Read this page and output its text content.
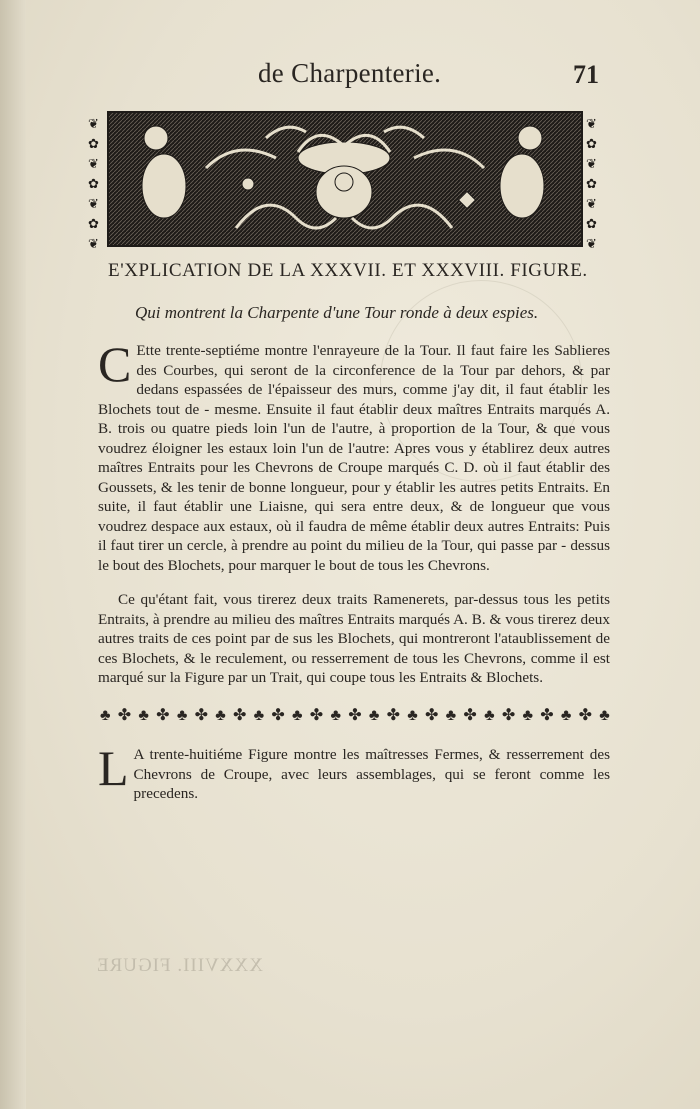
de Charpenterie.	71
❦
✿
❦
✿
❦
✿
❦
❦
✿
❦
✿
❦
✿
❦
E'XPLICATION DE LA XXXVII. ET XXXVIII. FIGURE.
Qui montrent la Charpente d'une Tour ronde à deux espies.
C Ette trente-septiéme montre l'enrayeure de la Tour. Il faut faire les Sablieres des Courbes, qui seront de la circonference de la Tour par dehors, & par dedans espassées de l'épaisseur des murs, comme j'ay dit, il faut établir les Blochets tout de - mesme. Ensuite il faut établir deux maîtres Entraits marqués A. B. trois ou quatre pieds loin l'un de l'autre, à proportion de la Tour, & que vous voudrez éloigner les estaux loin l'un de l'autre: Apres vous y établirez deux autres maîtres Entraits pour les Chevrons de Croupe marqués C. D. où il faut établir des Goussets, & les tenir de bonne longueur, pour y établir les autres petits Entraits. En suite, il faut établir une Liaisne, qui sera entre deux, & de longueur que vous voudrez despace aux estaux, où il faudra de même établir deux autres Entraits: Puis il faut tirer un cercle, à prendre au point du milieu de la Tour, qui passe par - dessus le bout des Blochets, pour marquer le bout de tous les Chevrons.
Ce qu'étant fait, vous tirerez deux traits Ramenerets, par-dessus tous les petits Entraits, à prendre au milieu des maîtres Entraits marqués A. B. & vous tirerez deux autres traits de ces point par de sus les Blochets, qui montreront l'ataublissement de ces Blochets, & le reculement, ou resserrement de tous les Chevrons, comme il est marqué sur la Figure par un Trait, qui coupe tous les Entraits & Blochets.
♣ ✤ ♣ ✤ ♣ ✤ ♣ ✤ ♣ ✤ ♣ ✤ ♣ ✤ ♣ ✤ ♣ ✤ ♣ ✤ ♣ ✤ ♣ ✤ ♣ ✤ ♣
L A trente-huitiéme Figure montre les maîtresses Fermes, & resserrement des Chevrons de Croupe, avec leurs assemblages, qui se feront comme les precedens.
XXXVIII. FIGURE
